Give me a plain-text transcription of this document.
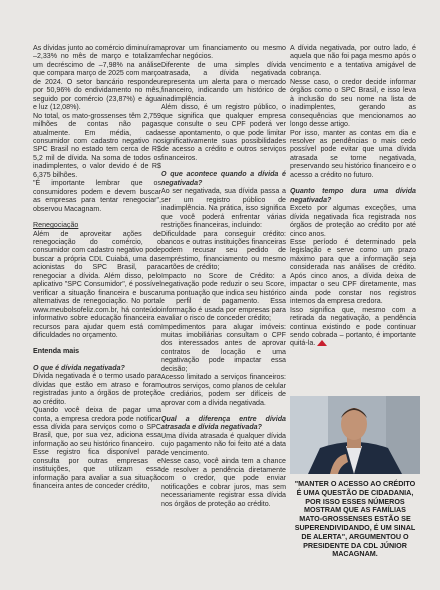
As dívidas junto ao comércio diminuíram –2,33% no mês de março e totalizam um decréscimo de –7,98% na análise que compara março de 2025 com março de 2024. O setor bancário respondeu por 50,96% do endividamento no mês, seguido por comércio (23,87%) e água e luz (12,08%).

No total, os mato-grossenses têm 2,759 milhões de contas não pagas atualmente. Em média, cada consumidor com cadastro negativo no SPC Brasil no estado tem cerca de R$ 5,2 mil de dívida. Na soma de todos os inadimplentes, o valor devido é de R$ 6,375 bilhões.

"É importante lembrar que os consumidores podem e devem buscar as empresas para tentar renegociar", observou Macagnam.

Renegociação

Além de aproveitar ações de renegociação do comércio, o consumidor com cadastro negativo pode buscar a própria CDL Cuiabá, uma das acionistas do SPC Brasil, para renegociar a dívida. Além disso, pelo aplicativo "SPC Consumidor", é possível verificar a situação financeira e buscar alternativas de renegociação. No portal www.meubolsofeliz.com.br, há conteúdo informativo sobre educação financeira e recursos para ajudar quem está com dificuldades no orçamento.

Entenda mais

O que é dívida negativada?

Dívida negativada é o termo usado para dívidas que estão em atraso e foram registradas junto a órgãos de proteção ao crédito.

Quando você deixa de pagar uma conta, a empresa credora pode notificar essa dívida para serviços como o SPC Brasil, que, por sua vez, adiciona essa informação ao seu histórico financeiro.

Esse registro fica disponível para consulta por outras empresas e instituições, que utilizam essa informação para avaliar a sua situação financeira antes de conceder crédito,

aprovar um financiamento ou mesmo fechar negócios.

Diferente de uma simples dívida atrasada, a dívida negativada representa um alerta para o mercado financeiro, indicando um histórico de inadimplência.

Além disso, é um registro público, o que significa que qualquer empresa que consulte o seu CPF poderá ver esse apontamento, o que pode limitar significativamente suas possibilidades de acesso a crédito e outros serviços financeiros.

O que acontece quando a dívida é negativada?

Ao ser negativada, sua dívida passa a ser um registro público de inadimplência. Na prática, isso significa que você poderá enfrentar várias restrições financeiras, incluindo:

Dificuldade para conseguir crédito: bancos e outras instituições financeiras podem recusar seu pedido de empréstimo, financiamento ou mesmo cartões de crédito;

Impacto no Score de Crédito: a negativação pode reduzir o seu Score, uma pontuação que indica seu histórico e perfil de pagamento. Essa informação é usada por empresas para avaliar o risco de conceder crédito;

Impedimentos para alugar imóveis: muitas imobiliárias consultam o CPF dos interessados antes de aprovar contratos de locação e uma negativação pode impactar essa decisão;

Acesso limitado a serviços financeiros: outros serviços, como planos de celular e crediários, podem ser difíceis de aprovar com a dívida negativada.

Qual a diferença entre dívida atrasada e dívida negativada?

Uma dívida atrasada é qualquer dívida cujo pagamento não foi feito até a data de vencimento.

Nesse caso, você ainda tem a chance de resolver a pendência diretamente com o credor, que pode enviar notificações e cobrar juros, mas sem necessariamente registrar essa dívida nos órgãos de proteção ao crédito.

A dívida negativada, por outro lado, é aquela que não foi paga mesmo após o vencimento e a tentativa amigável de cobrança.

Nesse caso, o credor decide informar órgãos como o SPC Brasil, e isso leva à inclusão do seu nome na lista de inadimplentes, gerando as consequências que mencionamos ao longo desse artigo.

Por isso, manter as contas em dia e resolver as pendências o mais cedo possível pode evitar que uma dívida atrasada se torne negativada, preservando seu histórico financeiro e o acesso a crédito no futuro.

Quanto tempo dura uma dívida negativada?

Exceto por algumas exceções, uma dívida negativada fica registrada nos órgãos de proteção ao crédito por até cinco anos.

Esse período é determinado pela legislação e serve como um prazo máximo para que a informação seja considerada nas análises de crédito. Após cinco anos, a dívida deixa de impactar o seu CPF diretamente, mas ainda pode constar nos registros internos da empresa credora.

Isso significa que, mesmo com a retirada da negativação, a pendência continua existindo e pode continuar sendo cobrada – portanto, é importante quitá-la.

"MANTER O ACESSO AO CRÉDITO É UMA QUESTÃO DE CIDADANIA, POR ISSO ESSES NÚMEROS MOSTRAM QUE AS FAMÍLIAS MATO-GROSSENSES ESTÃO SE SUPERENDIVIDANDO, É UM SINAL DE ALERTA", ARGUMENTOU O PRESIDENTE DA CDL JÚNIOR MACAGNAM.
